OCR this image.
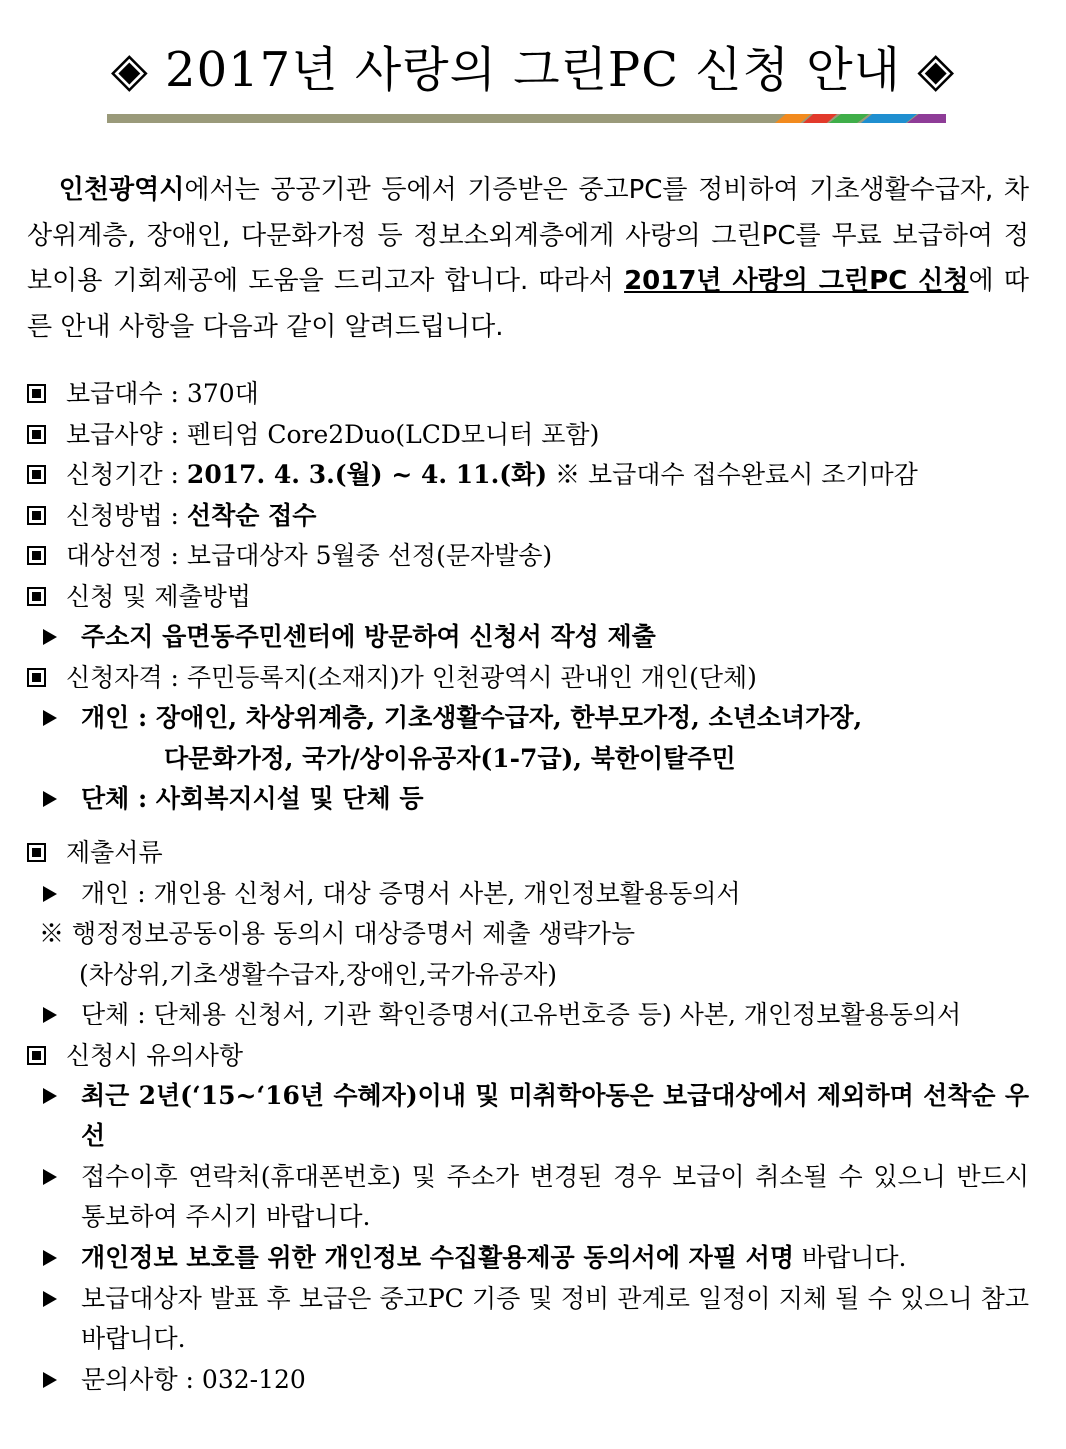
◈ 2017년 사랑의 그린PC 신청 안내 ◈
인천광역시에서는 공공기관 등에서 기증받은 중고PC를 정비하여 기초생활수급자, 차상위계층, 장애인, 다문화가정 등 정보소외계층에게 사랑의 그린PC를 무료 보급하여 정보이용 기회제공에 도움을 드리고자 합니다. 따라서 2017년 사랑의 그린PC 신청에 따른 안내 사항을 다음과 같이 알려드립니다.
보급대수 : 370대
보급사양 : 펜티엄 Core2Duo(LCD모니터 포함)
신청기간 : 2017. 4. 3.(월) ~ 4. 11.(화) ※ 보급대수 접수완료시 조기마감
신청방법 : 선착순 접수
대상선정 : 보급대상자 5월중 선정(문자발송)
신청 및 제출방법
주소지 읍면동주민센터에 방문하여 신청서 작성 제출
신청자격 : 주민등록지(소재지)가 인천광역시 관내인 개인(단체)
개인 : 장애인, 차상위계층, 기초생활수급자, 한부모가정, 소년소녀가장,
다문화가정, 국가/상이유공자(1-7급), 북한이탈주민
단체 : 사회복지시설 및 단체 등
제출서류
개인 : 개인용 신청서, 대상 증명서 사본, 개인정보활용동의서
※ 행정정보공동이용 동의시 대상증명서 제출 생략가능
(차상위,기초생활수급자,장애인,국가유공자)
단체 : 단체용 신청서, 기관 확인증명서(고유번호증 등) 사본, 개인정보활용동의서
신청시 유의사항
최근 2년(‘15~‘16년 수혜자)이내 및 미취학아동은 보급대상에서 제외하며 선착순 우선
접수이후 연락처(휴대폰번호) 및 주소가 변경된 경우 보급이 취소될 수 있으니 반드시 통보하여 주시기 바랍니다.
개인정보 보호를 위한 개인정보 수집활용제공 동의서에 자필 서명 바랍니다.
보급대상자 발표 후 보급은 중고PC 기증 및 정비 관계로 일정이 지체 될 수 있으니 참고 바랍니다.
문의사항 : 032-120
